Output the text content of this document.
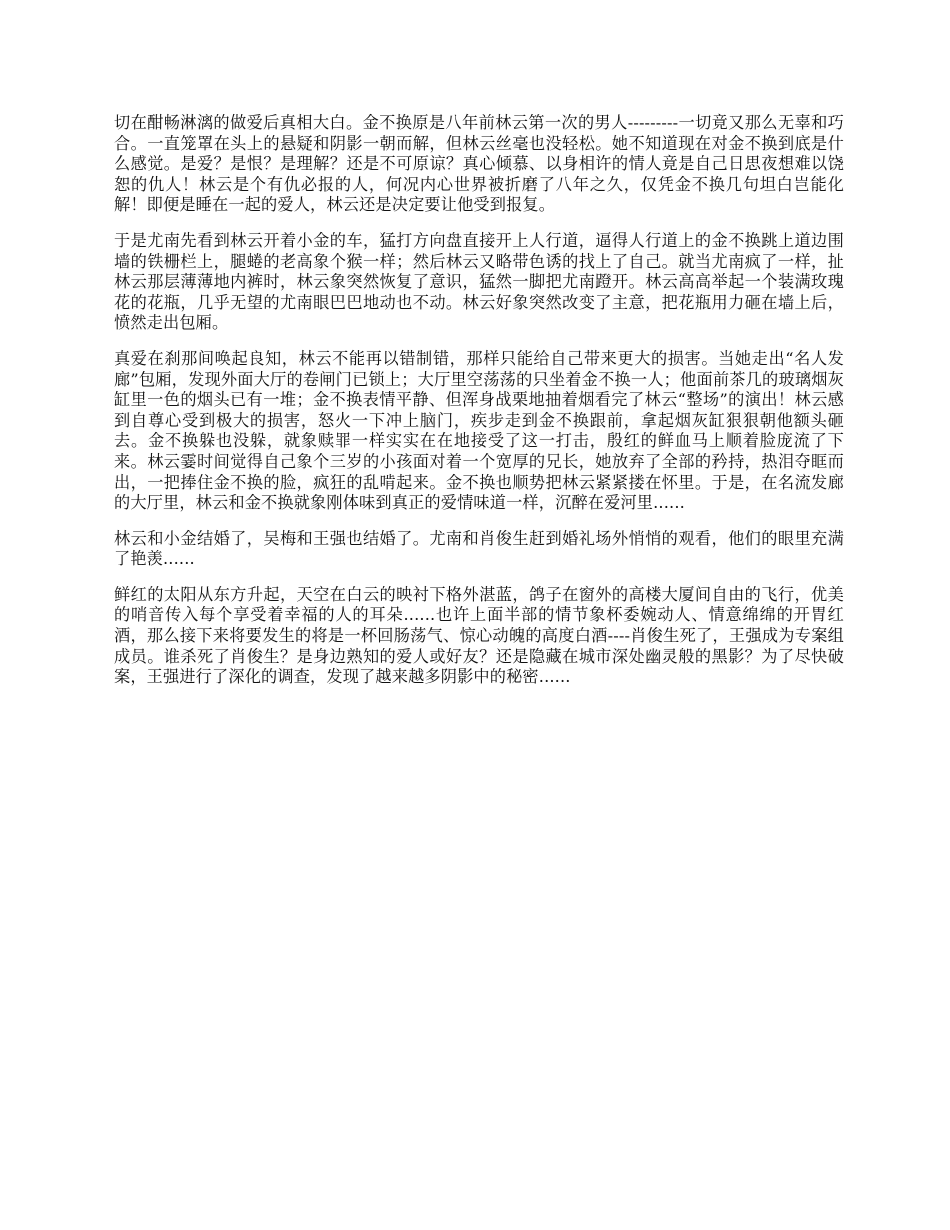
切在酣畅淋漓的做爱后真相大白。金不换原是八年前林云第一次的男人---------一切竟又那么无辜和巧合。一直笼罩在头上的悬疑和阴影一朝而解，但林云丝毫也没轻松。她不知道现在对金不换到底是什么感觉。是爱？是恨？是理解？还是不可原谅？真心倾慕、以身相许的情人竟是自己日思夜想难以饶恕的仇人！林云是个有仇必报的人，何况内心世界被折磨了八年之久，仅凭金不换几句坦白岂能化解！即便是睡在一起的爱人，林云还是决定要让他受到报复。

于是尤南先看到林云开着小金的车，猛打方向盘直接开上人行道，逼得人行道上的金不换跳上道边围墙的铁栅栏上，腿蜷的老高象个猴一样；然后林云又略带色诱的找上了自己。就当尤南疯了一样，扯林云那层薄薄地内裤时，林云象突然恢复了意识，猛然一脚把尤南蹬开。林云高高举起一个装满玫瑰花的花瓶，几乎无望的尤南眼巴巴地动也不动。林云好象突然改变了主意，把花瓶用力砸在墙上后，愤然走出包厢。

真爱在刹那间唤起良知，林云不能再以错制错，那样只能给自己带来更大的损害。当她走出“名人发廊”包厢，发现外面大厅的卷闸门已锁上；大厅里空荡荡的只坐着金不换一人；他面前茶几的玻璃烟灰缸里一色的烟头已有一堆；金不换表情平静、但浑身战栗地抽着烟看完了林云“整场”的演出！林云感到自尊心受到极大的损害，怒火一下冲上脑门，疾步走到金不换跟前，拿起烟灰缸狠狠朝他额头砸去。金不换躲也没躲，就象赎罪一样实实在在地接受了这一打击，殷红的鲜血马上顺着脸庞流了下来。林云霎时间觉得自己象个三岁的小孩面对着一个宽厚的兄长，她放弃了全部的矜持，热泪夺眶而出，一把捧住金不换的脸，疯狂的乱啃起来。金不换也顺势把林云紧紧搂在怀里。于是，在名流发廊的大厅里，林云和金不换就象刚体味到真正的爱情味道一样，沉醉在爱河里......

林云和小金结婚了，吴梅和王强也结婚了。尤南和肖俊生赶到婚礼场外悄悄的观看，他们的眼里充满了艳羡......

鲜红的太阳从东方升起，天空在白云的映衬下格外湛蓝，鸽子在窗外的高楼大厦间自由的飞行，优美的哨音传入每个享受着幸福的人的耳朵......也许上面半部的情节象杯委婉动人、情意绵绵的开胃红酒，那么接下来将要发生的将是一杯回肠荡气、惊心动魄的高度白酒----肖俊生死了，王强成为专案组成员。谁杀死了肖俊生？是身边熟知的爱人或好友？还是隐藏在城市深处幽灵般的黑影？为了尽快破案，王强进行了深化的调查，发现了越来越多阴影中的秘密......
